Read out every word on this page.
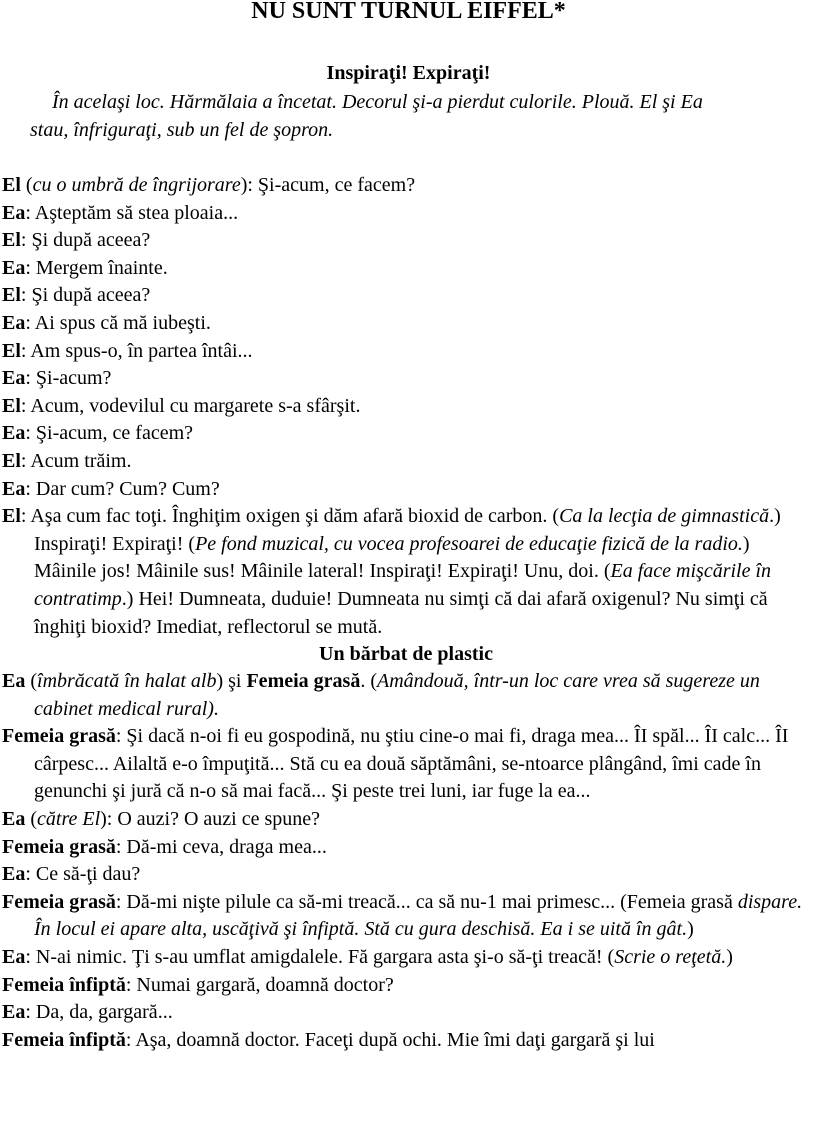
NU SUNT TURNUL EIFFEL*
Inspiraţi! Expiraţi!
În acelaşi loc. Hărmălaia a încetat. Decorul şi-a pierdut culorile. Plouă. El şi Ea
stau, înfriguraţi, sub un fel de şopron.
El (cu o umbră de îngrijorare): Şi-acum, ce facem?
Ea: Aşteptăm să stea ploaia...
El: Şi după aceea?
Ea: Mergem înainte.
El: Şi după aceea?
Ea: Ai spus că mă iubeşti.
El: Am spus-o, în partea întâi...
Ea: Şi-acum?
El: Acum, vodevilul cu margarete s-a sfârşit.
Ea: Şi-acum, ce facem?
El: Acum trăim.
Ea: Dar cum? Cum? Cum?
El: Aşa cum fac toţi. Înghiţim oxigen şi dăm afară bioxid de carbon. (Ca la lecţia de gimnastică.) Inspiraţi! Expiraţi! (Pe fond muzical, cu vocea profesoarei de educaţie fizică de la radio.) Mâinile jos! Mâinile sus! Mâinile lateral! Inspiraţi! Expiraţi! Unu, doi. (Ea face mişcările în contratimp.) Hei! Dumneata, duduie! Dumneata nu simţi că dai afară oxigenul? Nu simţi că înghiţi bioxid? Imediat, reflectorul se mută.
Un bărbat de plastic
Ea (îmbrăcată în halat alb) şi Femeia grasă. (Amândouă, într-un loc care vrea să sugereze un cabinet medical rural).
Femeia grasă: Şi dacă n-oi fi eu gospodină, nu ştiu cine-o mai fi, draga mea... ÎI spăl... ÎI calc... ÎI cârpesc... Ailaltă e-o împuţită... Stă cu ea două săptămâni, se-ntoarce plângând, îmi cade în genunchi şi jură că n-o să mai facă... Şi peste trei luni, iar fuge la ea...
Ea (către El): O auzi? O auzi ce spune?
Femeia grasă: Dă-mi ceva, draga mea...
Ea: Ce să-ţi dau?
Femeia grasă: Dă-mi nişte pilule ca să-mi treacă... ca să nu-1 mai primesc... (Femeia grasă dispare. În locul ei apare alta, uscăţivă şi înfiptă. Stă cu gura deschisă. Ea i se uită în gât.)
Ea: N-ai nimic. Ţi s-au umflat amigdalele. Fă gargara asta şi-o să-ţi treacă! (Scrie o reţetă.)
Femeia înfiptă: Numai gargară, doamnă doctor?
Ea: Da, da, gargară...
Femeia înfiptă: Aşa, doamnă doctor. Faceţi după ochi. Mie îmi daţi gargară şi lui
